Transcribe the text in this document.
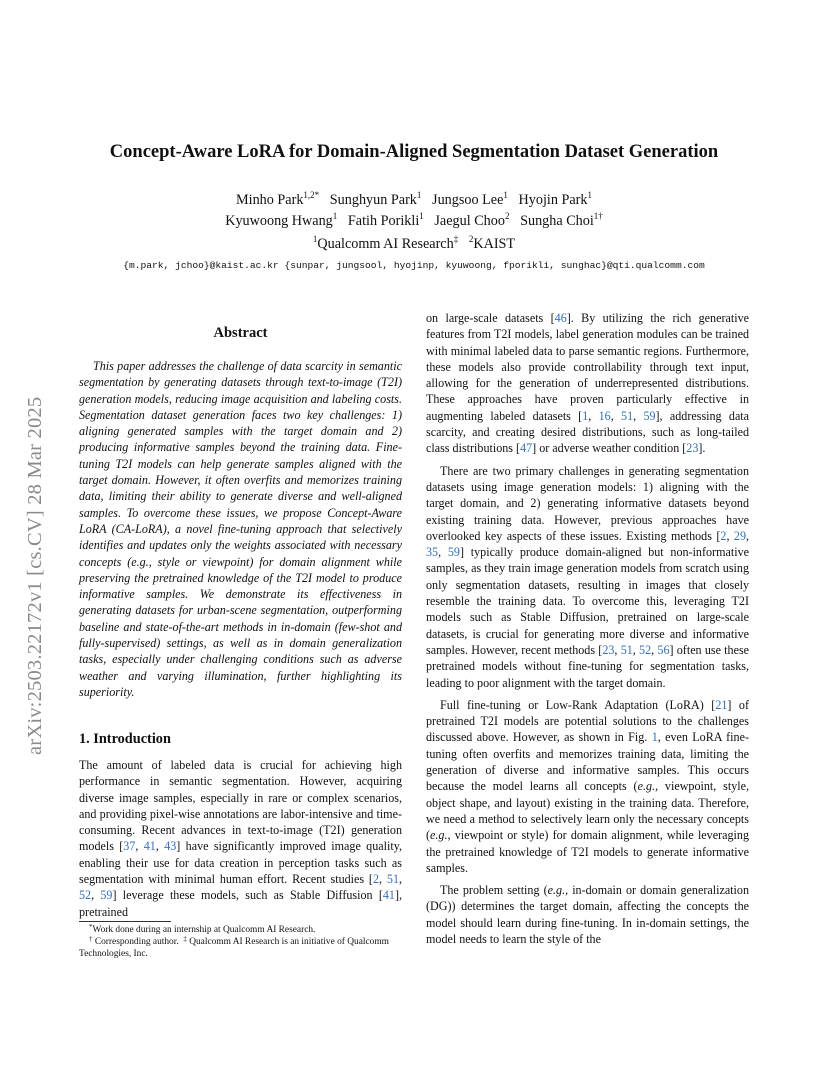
arXiv:2503.22172v1 [cs.CV] 28 Mar 2025
Concept-Aware LoRA for Domain-Aligned Segmentation Dataset Generation
Minho Park$^{1,2*}$ Sunghyun Park$^1$ Jungsoo Lee$^1$ Hyojin Park$^1$
Kyuwoong Hwang$^1$ Fatih Porikli$^1$ Jaegul Choo$^2$ Sungha Choi$^{1\dagger}$
$^1$Qualcomm AI Research‡ $^2$KAIST
{m.park, jchoo}@kaist.ac.kr {sunpar, jungsool, hyojinp, kyuwoong, fporikli, sunghac}@qti.qualcomm.com
Abstract

This paper addresses the challenge of data scarcity in semantic segmentation by generating datasets through text-to-image (T2I) generation models, reducing image acquisition and labeling costs. Segmentation dataset generation faces two key challenges: 1) aligning generated samples with the target domain and 2) producing informative samples beyond the training data. Fine-tuning T2I models can help generate samples aligned with the target domain. However, it often overfits and memorizes training data, limiting their ability to generate diverse and well-aligned samples. To overcome these issues, we propose Concept-Aware LoRA (CA-LoRA), a novel fine-tuning approach that selectively identifies and updates only the weights associated with necessary concepts (e.g., style or viewpoint) for domain alignment while preserving the pretrained knowledge of the T2I model to produce informative samples. We demonstrate its effectiveness in generating datasets for urban-scene segmentation, outperforming baseline and state-of-the-art methods in in-domain (few-shot and fully-supervised) settings, as well as in domain generalization tasks, especially under challenging conditions such as adverse weather and varying illumination, further highlighting its superiority.

1. Introduction

The amount of labeled data is crucial for achieving high performance in semantic segmentation. However, acquiring diverse image samples, especially in rare or complex scenarios, and providing pixel-wise annotations are labor-intensive and time-consuming. Recent advances in text-to-image (T2I) generation models [37, 41, 43] have significantly improved image quality, enabling their use for data creation in perception tasks such as segmentation with minimal human effort. Recent studies [2, 51, 52, 59] leverage these models, such as Stable Diffusion [41], pretrained

*Work done during an internship at Qualcomm AI Research.

† Corresponding author. ‡ Qualcomm AI Research is an initiative of Qualcomm Technologies, Inc.

on large-scale datasets [46]. By utilizing the rich generative features from T2I models, label generation modules can be trained with minimal labeled data to parse semantic regions. Furthermore, these models also provide controllability through text input, allowing for the generation of underrepresented distributions. These approaches have proven particularly effective in augmenting labeled datasets [1, 16, 51, 59], addressing data scarcity, and creating desired distributions, such as long-tailed class distributions [47] or adverse weather condition [23].

There are two primary challenges in generating segmentation datasets using image generation models: 1) aligning with the target domain, and 2) generating informative datasets beyond existing training data. However, previous approaches have overlooked key aspects of these issues. Existing methods [2, 29, 35, 59] typically produce domain-aligned but non-informative samples, as they train image generation models from scratch using only segmentation datasets, resulting in images that closely resemble the training data. To overcome this, leveraging T2I models such as Stable Diffusion, pretrained on large-scale datasets, is crucial for generating more diverse and informative samples. However, recent methods [23, 51, 52, 56] often use these pretrained models without fine-tuning for segmentation tasks, leading to poor alignment with the target domain.

Full fine-tuning or Low-Rank Adaptation (LoRA) [21] of pretrained T2I models are potential solutions to the challenges discussed above. However, as shown in Fig. 1, even LoRA fine-tuning often overfits and memorizes training data, limiting the generation of diverse and informative samples. This occurs because the model learns all concepts (e.g., viewpoint, style, object shape, and layout) existing in the training data. Therefore, we need a method to selectively learn only the necessary concepts (e.g., viewpoint or style) for domain alignment, while leveraging the pretrained knowledge of T2I models to generate informative samples.

The problem setting (e.g., in-domain or domain generalization (DG)) determines the target domain, affecting the concepts the model should learn during fine-tuning. In in-domain settings, the model needs to learn the style of the
